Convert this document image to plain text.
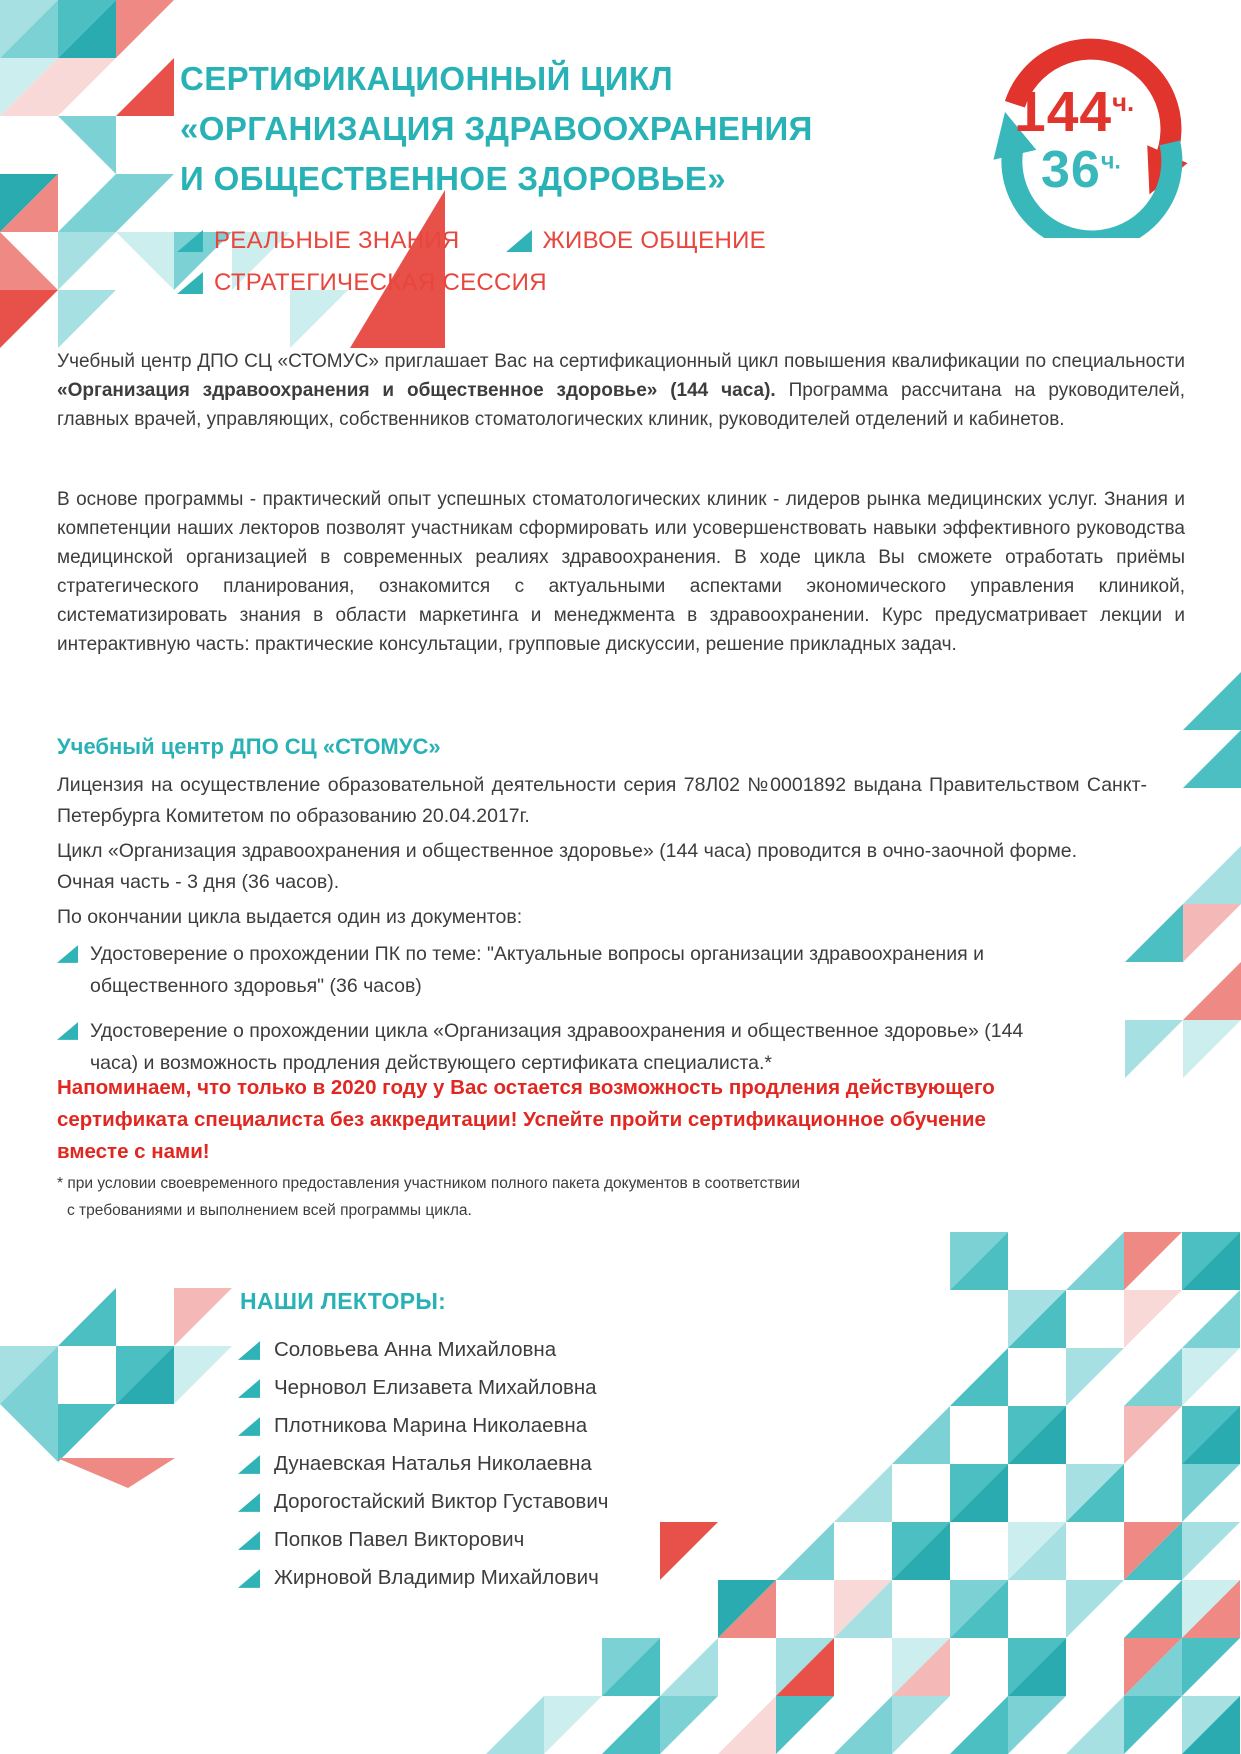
СЕРТИФИКАЦИОННЫЙ ЦИКЛ
«ОРГАНИЗАЦИЯ ЗДРАВООХРАНЕНИЯ
И ОБЩЕСТВЕННОЕ ЗДОРОВЬЕ»
РЕАЛЬНЫЕ ЗНАНИЯ	ЖИВОЕ ОБЩЕНИЕ
СТРАТЕГИЧЕСКАЯ СЕССИЯ
$144^{ч.}$
$36^{ч.}$
Учебный центр ДПО СЦ «СТОМУС» приглашает Вас на сертификационный цикл повышения квалификации по специальности «Организация здравоохранения и общественное здоровье» (144 часа). Программа рассчитана на руководителей, главных врачей, управляющих, собственников стоматологических клиник, руководителей отделений и кабинетов.
В основе программы - практический опыт успешных стоматологических клиник - лидеров рынка медицинских услуг. Знания и компетенции наших лекторов позволят участникам сформировать или усовершенствовать навыки эффективного руководства медицинской организацией в современных реалиях здравоохранения. В ходе цикла Вы сможете отработать приёмы стратегического планирования, ознакомится с актуальными аспектами экономического управления клиникой, систематизировать знания в области маркетинга и менеджмента в здравоохранении. Курс предусматривает лекции и интерактивную часть: практические консультации, групповые дискуссии, решение прикладных задач.
Учебный центр ДПО СЦ «СТОМУС»
Лицензия на осуществление образовательной деятельности серия 78Л02 №0001892 выдана Правительством Санкт-Петербурга Комитетом по образованию 20.04.2017г.
Цикл «Организация здравоохранения и общественное здоровье» (144 часа) проводится в очно-заочной форме. Очная часть - 3 дня (36 часов).
По окончании цикла выдается один из документов:
Удостоверение о прохождении ПК по теме: "Актуальные вопросы организации здравоохранения и общественного здоровья" (36 часов)
Удостоверение о прохождении цикла «Организация здравоохранения и общественное здоровье» (144 часа) и возможность продления действующего сертификата специалиста.*
Напоминаем, что только в 2020 году у Вас остается возможность продления действующего
сертификата специалиста без аккредитации! Успейте пройти сертификационное обучение
вместе с нами!
* при условии своевременного предоставления участником полного пакета документов в соответствии
с требованиями и выполнением всей программы цикла.
НАШИ ЛЕКТОРЫ:
Соловьева Анна Михайловна
Черновол Елизавета Михайловна
Плотникова Марина Николаевна
Дунаевская Наталья Николаевна
Дорогостайский Виктор Густавович
Попков Павел Викторович
Жирновой Владимир Михайлович
